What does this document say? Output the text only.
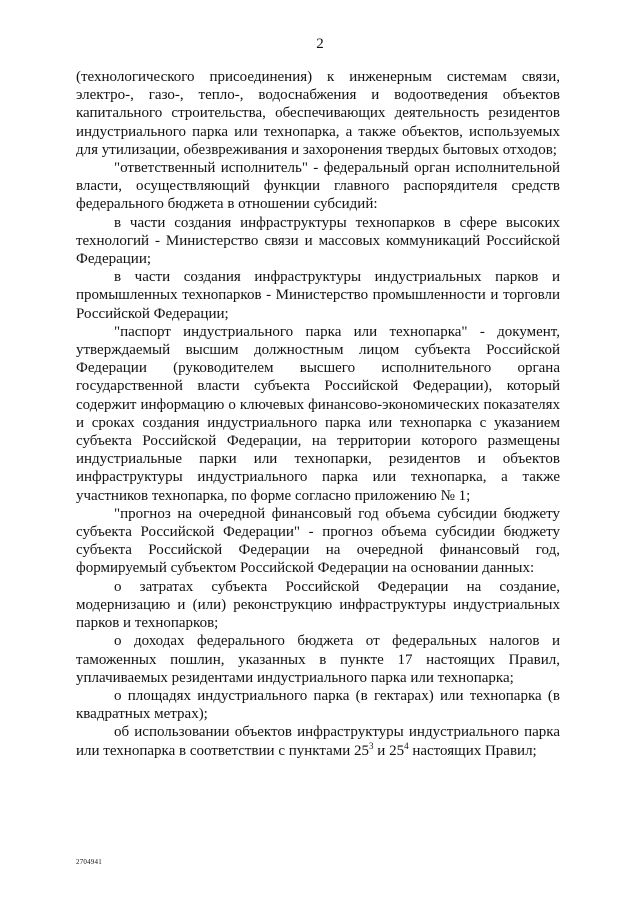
2

(технологического присоединения) к инженерным системам связи, электро-, газо-, тепло-, водоснабжения и водоотведения объектов капитального строительства, обеспечивающих деятельность резидентов индустриального парка или технопарка, а также объектов, используемых для утилизации, обезвреживания и захоронения твердых бытовых отходов;

"ответственный исполнитель" - федеральный орган исполнительной власти, осуществляющий функции главного распорядителя средств федерального бюджета в отношении субсидий:

в части создания инфраструктуры технопарков в сфере высоких технологий - Министерство связи и массовых коммуникаций Российской Федерации;

в части создания инфраструктуры индустриальных парков и промышленных технопарков - Министерство промышленности и торговли Российской Федерации;

"паспорт индустриального парка или технопарка" - документ, утверждаемый высшим должностным лицом субъекта Российской Федерации (руководителем высшего исполнительного органа государственной власти субъекта Российской Федерации), который содержит информацию о ключевых финансово-экономических показателях и сроках создания индустриального парка или технопарка с указанием субъекта Российской Федерации, на территории которого размещены индустриальные парки или технопарки, резидентов и объектов инфраструктуры индустриального парка или технопарка, а также участников технопарка, по форме согласно приложению № 1;

"прогноз на очередной финансовый год объема субсидии бюджету субъекта Российской Федерации" - прогноз объема субсидии бюджету субъекта Российской Федерации на очередной финансовый год, формируемый субъектом Российской Федерации на основании данных:

о затратах субъекта Российской Федерации на создание, модернизацию и (или) реконструкцию инфраструктуры индустриальных парков и технопарков;

о доходах федерального бюджета от федеральных налогов и таможенных пошлин, указанных в пункте 17 настоящих Правил, уплачиваемых резидентами индустриального парка или технопарка;

о площадях индустриального парка (в гектарах) или технопарка (в квадратных метрах);

об использовании объектов инфраструктуры индустриального парка или технопарка в соответствии с пунктами $25^3$ и $25^4$ настоящих Правил;

2704941
